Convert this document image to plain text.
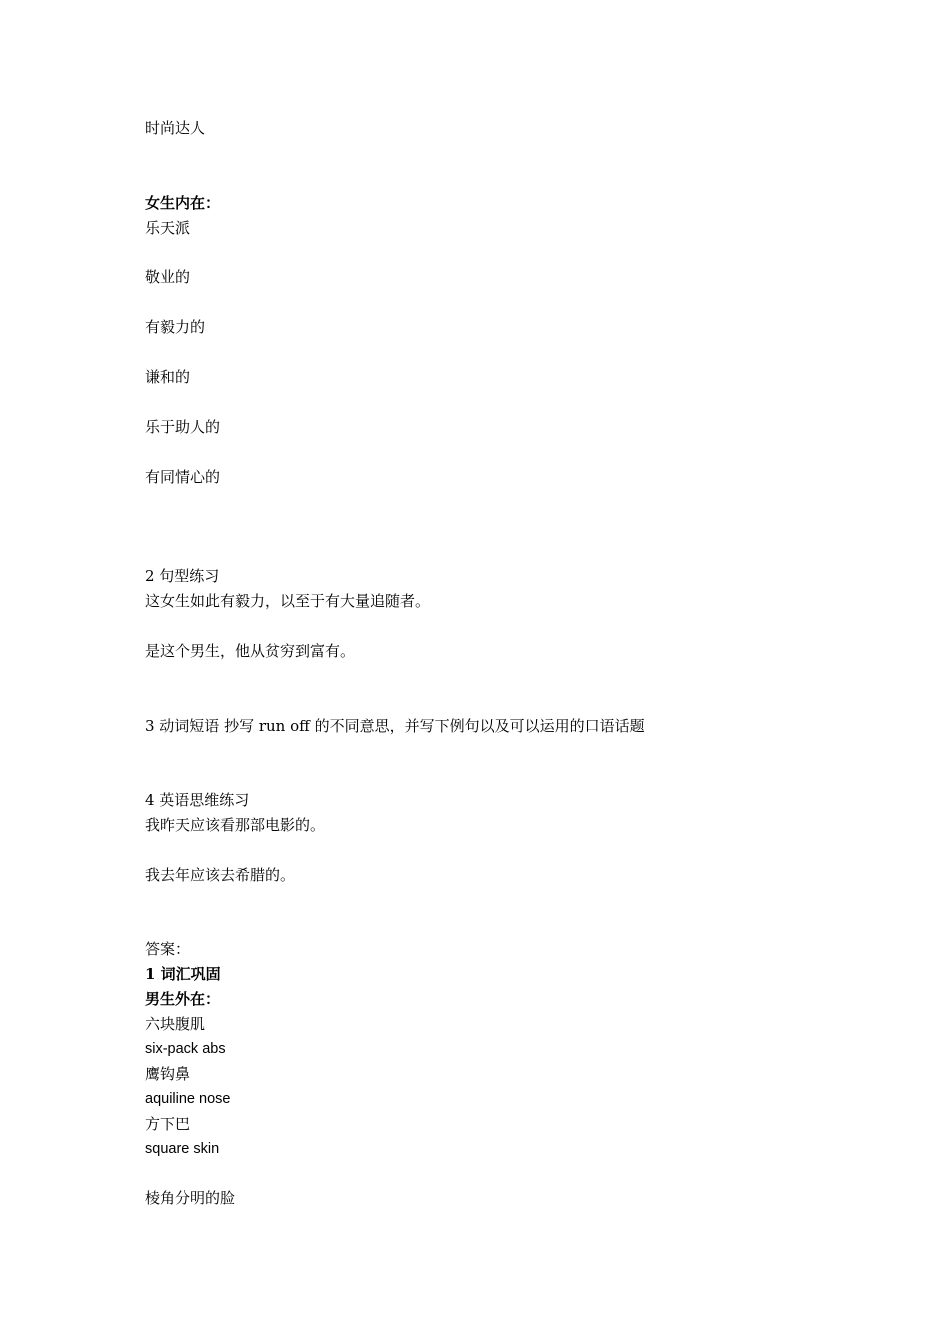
时尚达人
女生内在：
乐天派
敬业的
有毅力的
谦和的
乐于助人的
有同情心的
2 句型练习
这女生如此有毅力，以至于有大量追随者。
是这个男生，他从贫穷到富有。
3 动词短语 抄写 run off 的不同意思，并写下例句以及可以运用的口语话题
4 英语思维练习
我昨天应该看那部电影的。
我去年应该去希腊的。
答案：
1 词汇巩固
男生外在：
六块腹肌
six-pack abs
鹰钩鼻
aquiline nose
方下巴
square skin
棱角分明的脸
